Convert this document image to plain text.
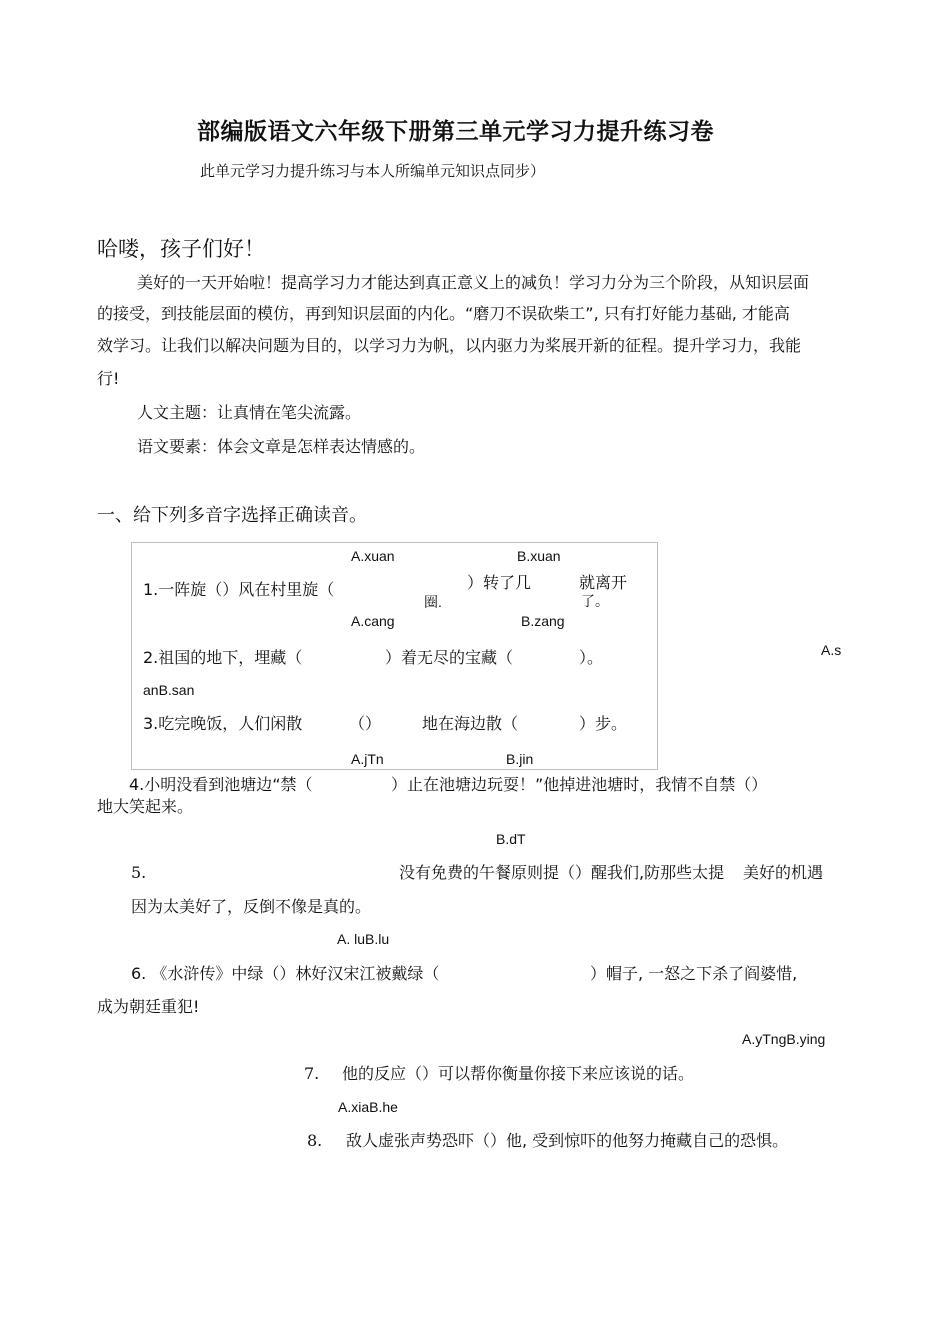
部编版语文六年级下册第三单元学习力提升练习卷
此单元学习力提升练习与本人所编单元知识点同步）
哈喽，孩子们好！
美好的一天开始啦！提高学习力才能达到真正意义上的减负！学习力分为三个阶段，从知识层面
的接受，到技能层面的模仿，再到知识层面的内化。“磨刀不误砍柴工”, 只有打好能力基础, 才能高
效学习。让我们以解决问题为目的，以学习力为帆，以内驱力为桨展开新的征程。提升学习力，我能
行!
人文主题：让真情在笔尖流露。
语文要素：体会文章是怎样表达情感的。
一、给下列多音字选择正确读音。
A.xuan	B.xuan
1.一阵旋（）风在村里旋（	）转了几	就离开
圈.	了。
A.cang	B.zang
2.祖国的地下，埋藏（	）着无尽的宝藏（	）。	A.s
anB.san
3.吃完晚饭，人们闲散	（）	地在海边散（	）步。
A.jTn	B.jin
4.小明没看到池塘边“禁（	）止在池塘边玩耍！”他掉进池塘时，我情不自禁（）
地大笑起来。
B.dT
5.	没有免费的午餐原则提（）醒我们,防那些太提 美好的机遇
因为太美好了，反倒不像是真的。
A. luB.lu
6. 《水浒传》中绿（）林好汉宋江被戴绿（	）帽子, 一怒之下杀了阎婆惜,
成为朝廷重犯!
A.yTngB.ying
7. 他的反应（）可以帮你衡量你接下来应该说的话。
A.xiaB.he
8. 敌人虚张声势恐吓（）他, 受到惊吓的他努力掩藏自己的恐惧。
